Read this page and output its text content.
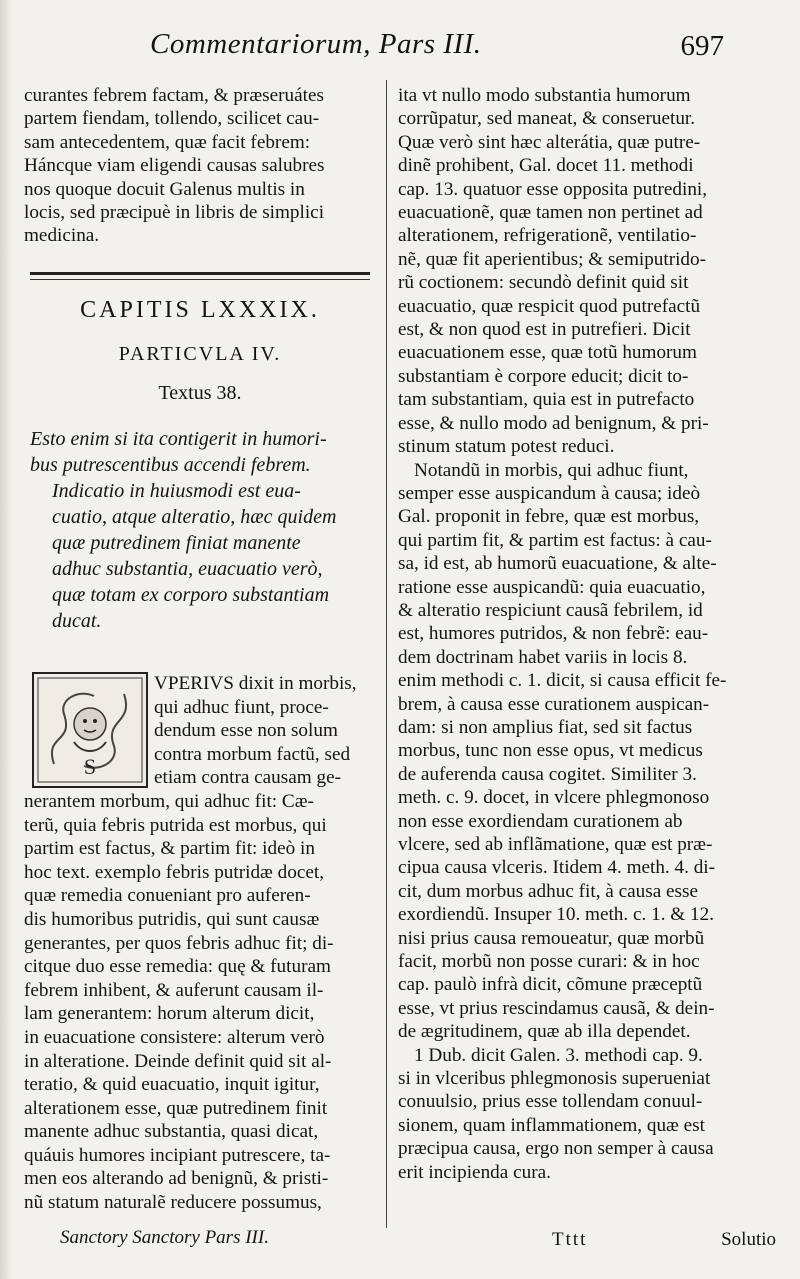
Commentariorum, Pars III.	697
curantes febrem factam, & præseruátes
partem fiendam, tollendo, scilicet cau-
sam antecedentem, quæ facit febrem:
Háncque viam eligendi causas salubres
nos quoque docuit Galenus multis in
locis, sed præcipuè in libris de simplici
medicina.
CAPITIS LXXXIX.
PARTICVLA IV.
Textus 38.
Esto enim si ita contigerit in humori-
bus putrescentibus accendi febrem.
Indicatio in huiusmodi est eua-
cuatio, atque alteratio, hæc quidem
quæ putredinem finiat manente
adhuc substantia, euacuatio verò,
quæ totam ex corporo substantiam
ducat.
S
VPERIVS dixit in morbis,
qui adhuc fiunt, proce-
dendum esse non solum
contra morbum factũ, sed
etiam contra causam ge-
nerantem morbum, qui adhuc fit: Cæ-
terũ, quia febris putrida est morbus, qui
partim est factus, & partim fit: ideò in
hoc text. exemplo febris putridæ docet,
quæ remedia conueniant pro auferen-
dis humoribus putridis, qui sunt causæ
generantes, per quos febris adhuc fit; di-
citque duo esse remedia: quę & futuram
febrem inhibent, & auferunt causam il-
lam generantem: horum alterum dicit,
in euacuatione consistere: alterum verò
in alteratione. Deinde definit quid sit al-
teratio, & quid euacuatio, inquit igitur,
alterationem esse, quæ putredinem finit
manente adhuc substantia, quasi dicat,
quáuis humores incipiant putrescere, ta-
men eos alterando ad benignũ, & pristi-
nũ statum naturalẽ reducere possumus,
ita vt nullo modo substantia humorum
corrũpatur, sed maneat, & conseruetur.
Quæ verò sint hæc alterátia, quæ putre-
dinẽ prohibent, Gal. docet 11. methodi
cap. 13. quatuor esse opposita putredini,
euacuationẽ, quæ tamen non pertinet ad
alterationem, refrigerationẽ, ventilatio-
nẽ, quæ fit aperientibus; & semiputrido-
rũ coctionem: secundò definit quid sit
euacuatio, quæ respicit quod putrefactũ
est, & non quod est in putrefieri. Dicit
euacuationem esse, quæ totũ humorum
substantiam è corpore educit; dicit to-
tam substantiam, quia est in putrefacto
esse, & nullo modo ad benignum, & pri-
stinum statum potest reduci.
Notandũ in morbis, qui adhuc fiunt,
semper esse auspicandum à causa; ideò
Gal. proponit in febre, quæ est morbus,
qui partim fit, & partim est factus: à cau-
sa, id est, ab humorũ euacuatione, & alte-
ratione esse auspicandũ: quia euacuatio,
& alteratio respiciunt causã febrilem, id
est, humores putridos, & non febrẽ: eau-
dem doctrinam habet variis in locis 8.
enim methodi c. 1. dicit, si causa efficit fe-
brem, à causa esse curationem auspican-
dam: si non amplius fiat, sed sit factus
morbus, tunc non esse opus, vt medicus
de auferenda causa cogitet. Similiter 3.
meth. c. 9. docet, in vlcere phlegmonoso
non esse exordiendam curationem ab
vlcere, sed ab inflãmatione, quæ est præ-
cipua causa vlceris. Itidem 4. meth. 4. di-
cit, dum morbus adhuc fit, à causa esse
exordiendũ. Insuper 10. meth. c. 1. & 12.
nisi prius causa remoueatur, quæ morbũ
facit, morbũ non posse curari: & in hoc
cap. paulò infrà dicit, cõmune præceptũ
esse, vt prius rescindamus causã, & dein-
de ægritudinem, quæ ab illa dependet.
1 Dub. dicit Galen. 3. methodi cap. 9.
si in vlceribus phlegmonosis superueniat
conuulsio, prius esse tollendam conuul-
sionem, quam inflammationem, quæ est
præcipua causa, ergo non semper à causa
erit incipienda cura.
Sanctory Sanctory Pars III.	Tttt	Solutio
